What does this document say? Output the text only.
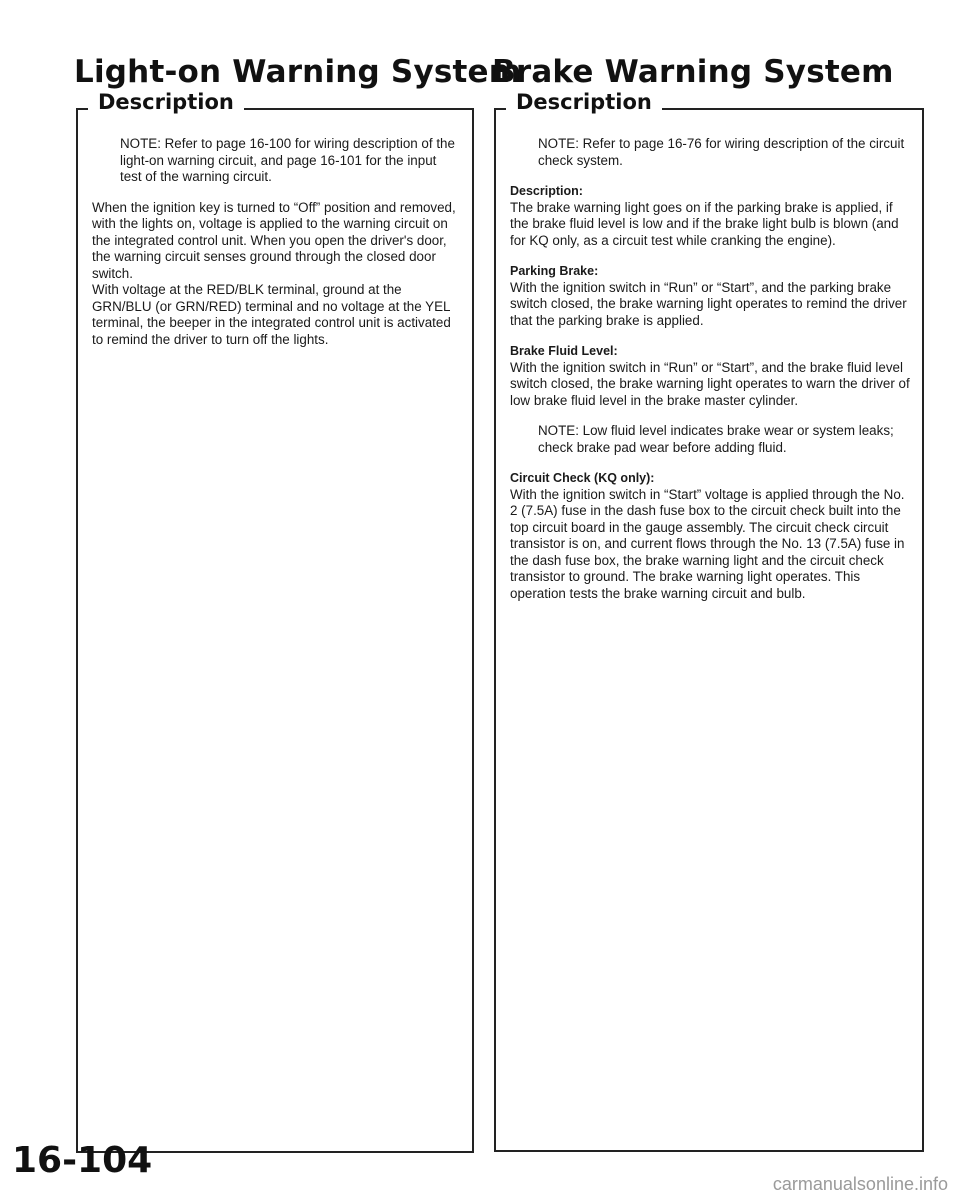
Light-on Warning System
Brake Warning System
Description

NOTE: Refer to page 16-100 for wiring description of the light-on warning circuit, and page 16-101 for the input test of the warning circuit.

When the ignition key is turned to “Off” position and removed, with the lights on, voltage is applied to the warning circuit on the integrated control unit. When you open the driver's door, the warning circuit senses ground through the closed door switch.

With voltage at the RED/BLK terminal, ground at the GRN/BLU (or GRN/RED) terminal and no voltage at the YEL terminal, the beeper in the integrated control unit is activated to remind the driver to turn off the lights.

Description

NOTE: Refer to page 16-76 for wiring description of the circuit check system.

Description:
The brake warning light goes on if the parking brake is applied, if the brake fluid level is low and if the brake light bulb is blown (and for KQ only, as a circuit test while cranking the engine).

Parking Brake:
With the ignition switch in “Run” or “Start”, and the parking brake switch closed, the brake warning light operates to remind the driver that the parking brake is applied.

Brake Fluid Level:
With the ignition switch in “Run” or “Start”, and the brake fluid level switch closed, the brake warning light operates to warn the driver of low brake fluid level in the brake master cylinder.

NOTE: Low fluid level indicates brake wear or system leaks; check brake pad wear before adding fluid.

Circuit Check (KQ only):
With the ignition switch in “Start” voltage is applied through the No. 2 (7.5A) fuse in the dash fuse box to the circuit check built into the top circuit board in the gauge assembly. The circuit check circuit transistor is on, and current flows through the No. 13 (7.5A) fuse in the dash fuse box, the brake warning light and the circuit check transistor to ground. The brake warning light operates. This operation tests the brake warning circuit and bulb.

16-104
carmanualsonline.info
